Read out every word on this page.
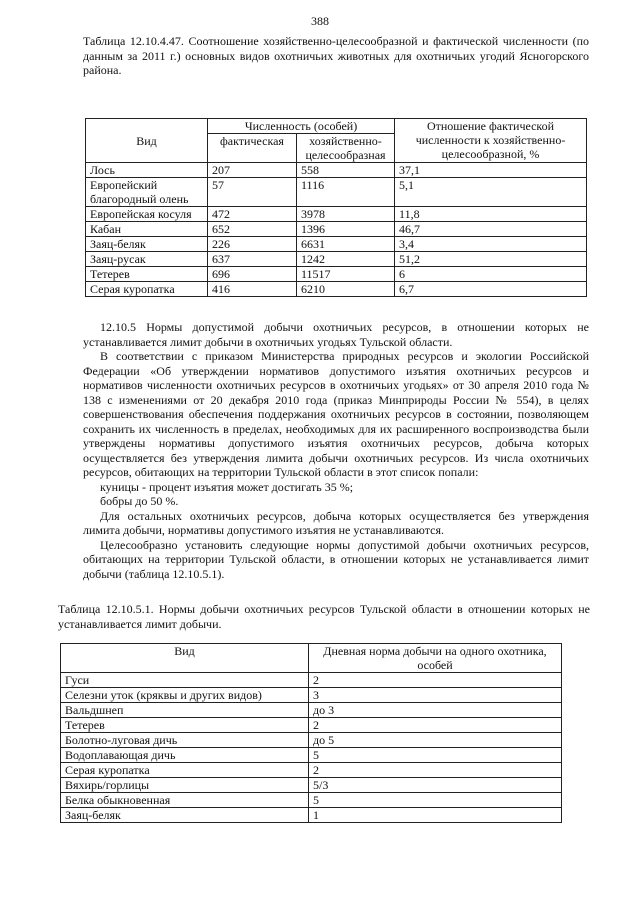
388
Таблица 12.10.4.47. Соотношение хозяйственно-целесообразной и фактической численности (по данным за 2011 г.) основных видов охотничьих животных для охотничьих угодий Ясногорского района.
Вид	Численность (особей)		Отношение фактической численности к хозяйственно-целесообразной, %
	фактическая	хозяйственно-целесообразная	
Лось	207	558	37,1
Европейский благородный олень	57	1116	5,1
Европейская косуля	472	3978	11,8
Кабан	652	1396	46,7
Заяц-беляк	226	6631	3,4
Заяц-русак	637	1242	51,2
Тетерев	696	11517	6
Серая куропатка	416	6210	6,7

12.10.5 Нормы допустимой добычи охотничьих ресурсов, в отношении которых не устанавливается лимит добычи в охотничьих угодьях Тульской области.

В соответствии с приказом Министерства природных ресурсов и экологии Российской Федерации «Об утверждении нормативов допустимого изъятия охотничьих ресурсов и нормативов численности охотничьих ресурсов в охотничьих угодьях» от 30 апреля 2010 года № 138 с изменениями от 20 декабря 2010 года (приказ Минприроды России № 554), в целях совершенствования обеспечения поддержания охотничьих ресурсов в состоянии, позволяющем сохранить их численность в пределах, необходимых для их расширенного воспроизводства были утверждены нормативы допустимого изъятия охотничьих ресурсов, добыча которых осуществляется без утверждения лимита добычи охотничьих ресурсов. Из числа охотничьих ресурсов, обитающих на территории Тульской области в этот список попали:

куницы - процент изъятия может достигать 35 %;

бобры до 50 %.

Для остальных охотничьих ресурсов, добыча которых осуществляется без утверждения лимита добычи, нормативы допустимого изъятия не устанавливаются.

Целесообразно установить следующие нормы допустимой добычи охотничьих ресурсов, обитающих на территории Тульской области, в отношении которых не устанавливается лимит добычи (таблица 12.10.5.1).

Таблица 12.10.5.1. Нормы добычи охотничьих ресурсов Тульской области в отношении которых не устанавливается лимит добычи.
Вид	Дневная норма добычи на одного охотника, особей
Гуси	2
Селезни уток (кряквы и других видов)	3
Вальдшнеп	до 3
Тетерев	2
Болотно-луговая дичь	до 5
Водоплавающая дичь	5
Серая куропатка	2
Вяхирь/горлицы	5/3
Белка обыкновенная	5
Заяц-беляк	1
